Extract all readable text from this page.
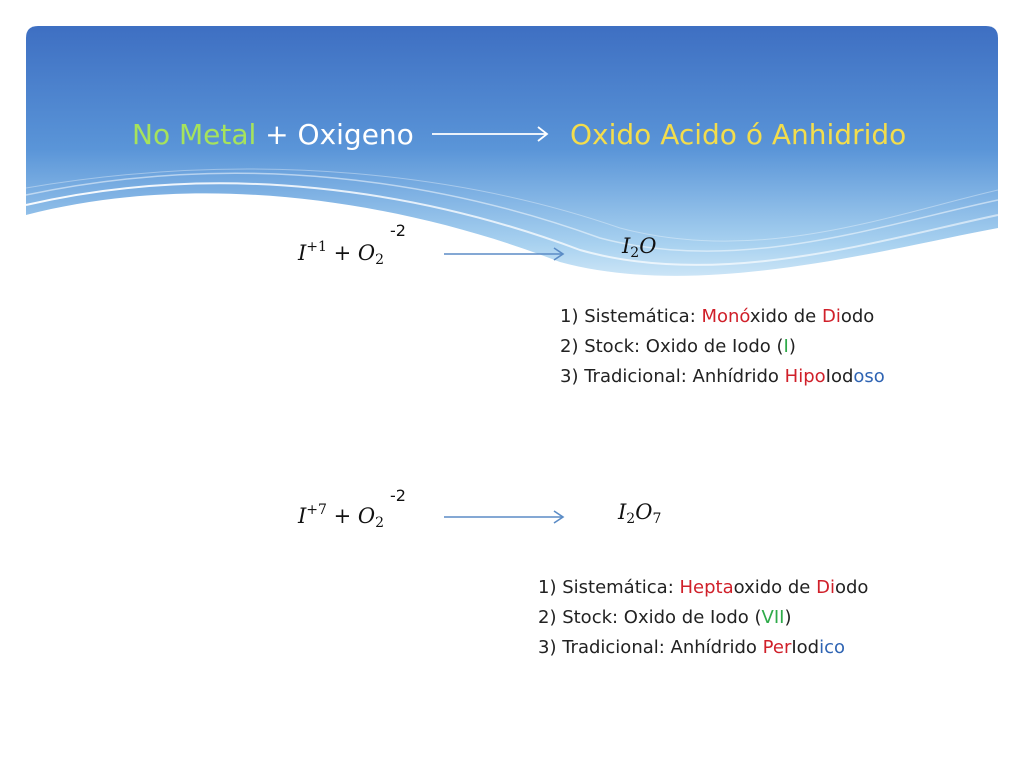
No Metal + Oxigeno	Oxido Acido ó Anhidrido
$I^{+1} + O_2$
-2
$I_2O$
1) Sistemática: Monóxido de Diodo
2) Stock: Oxido de Iodo (I)
3) Tradicional: Anhídrido HipoIodoso
$I^{+7} + O_2$
-2
$I_2O_7$
1) Sistemática: Heptaoxido de Diodo
2) Stock: Oxido de Iodo (VII)
3) Tradicional: Anhídrido PerIodico
